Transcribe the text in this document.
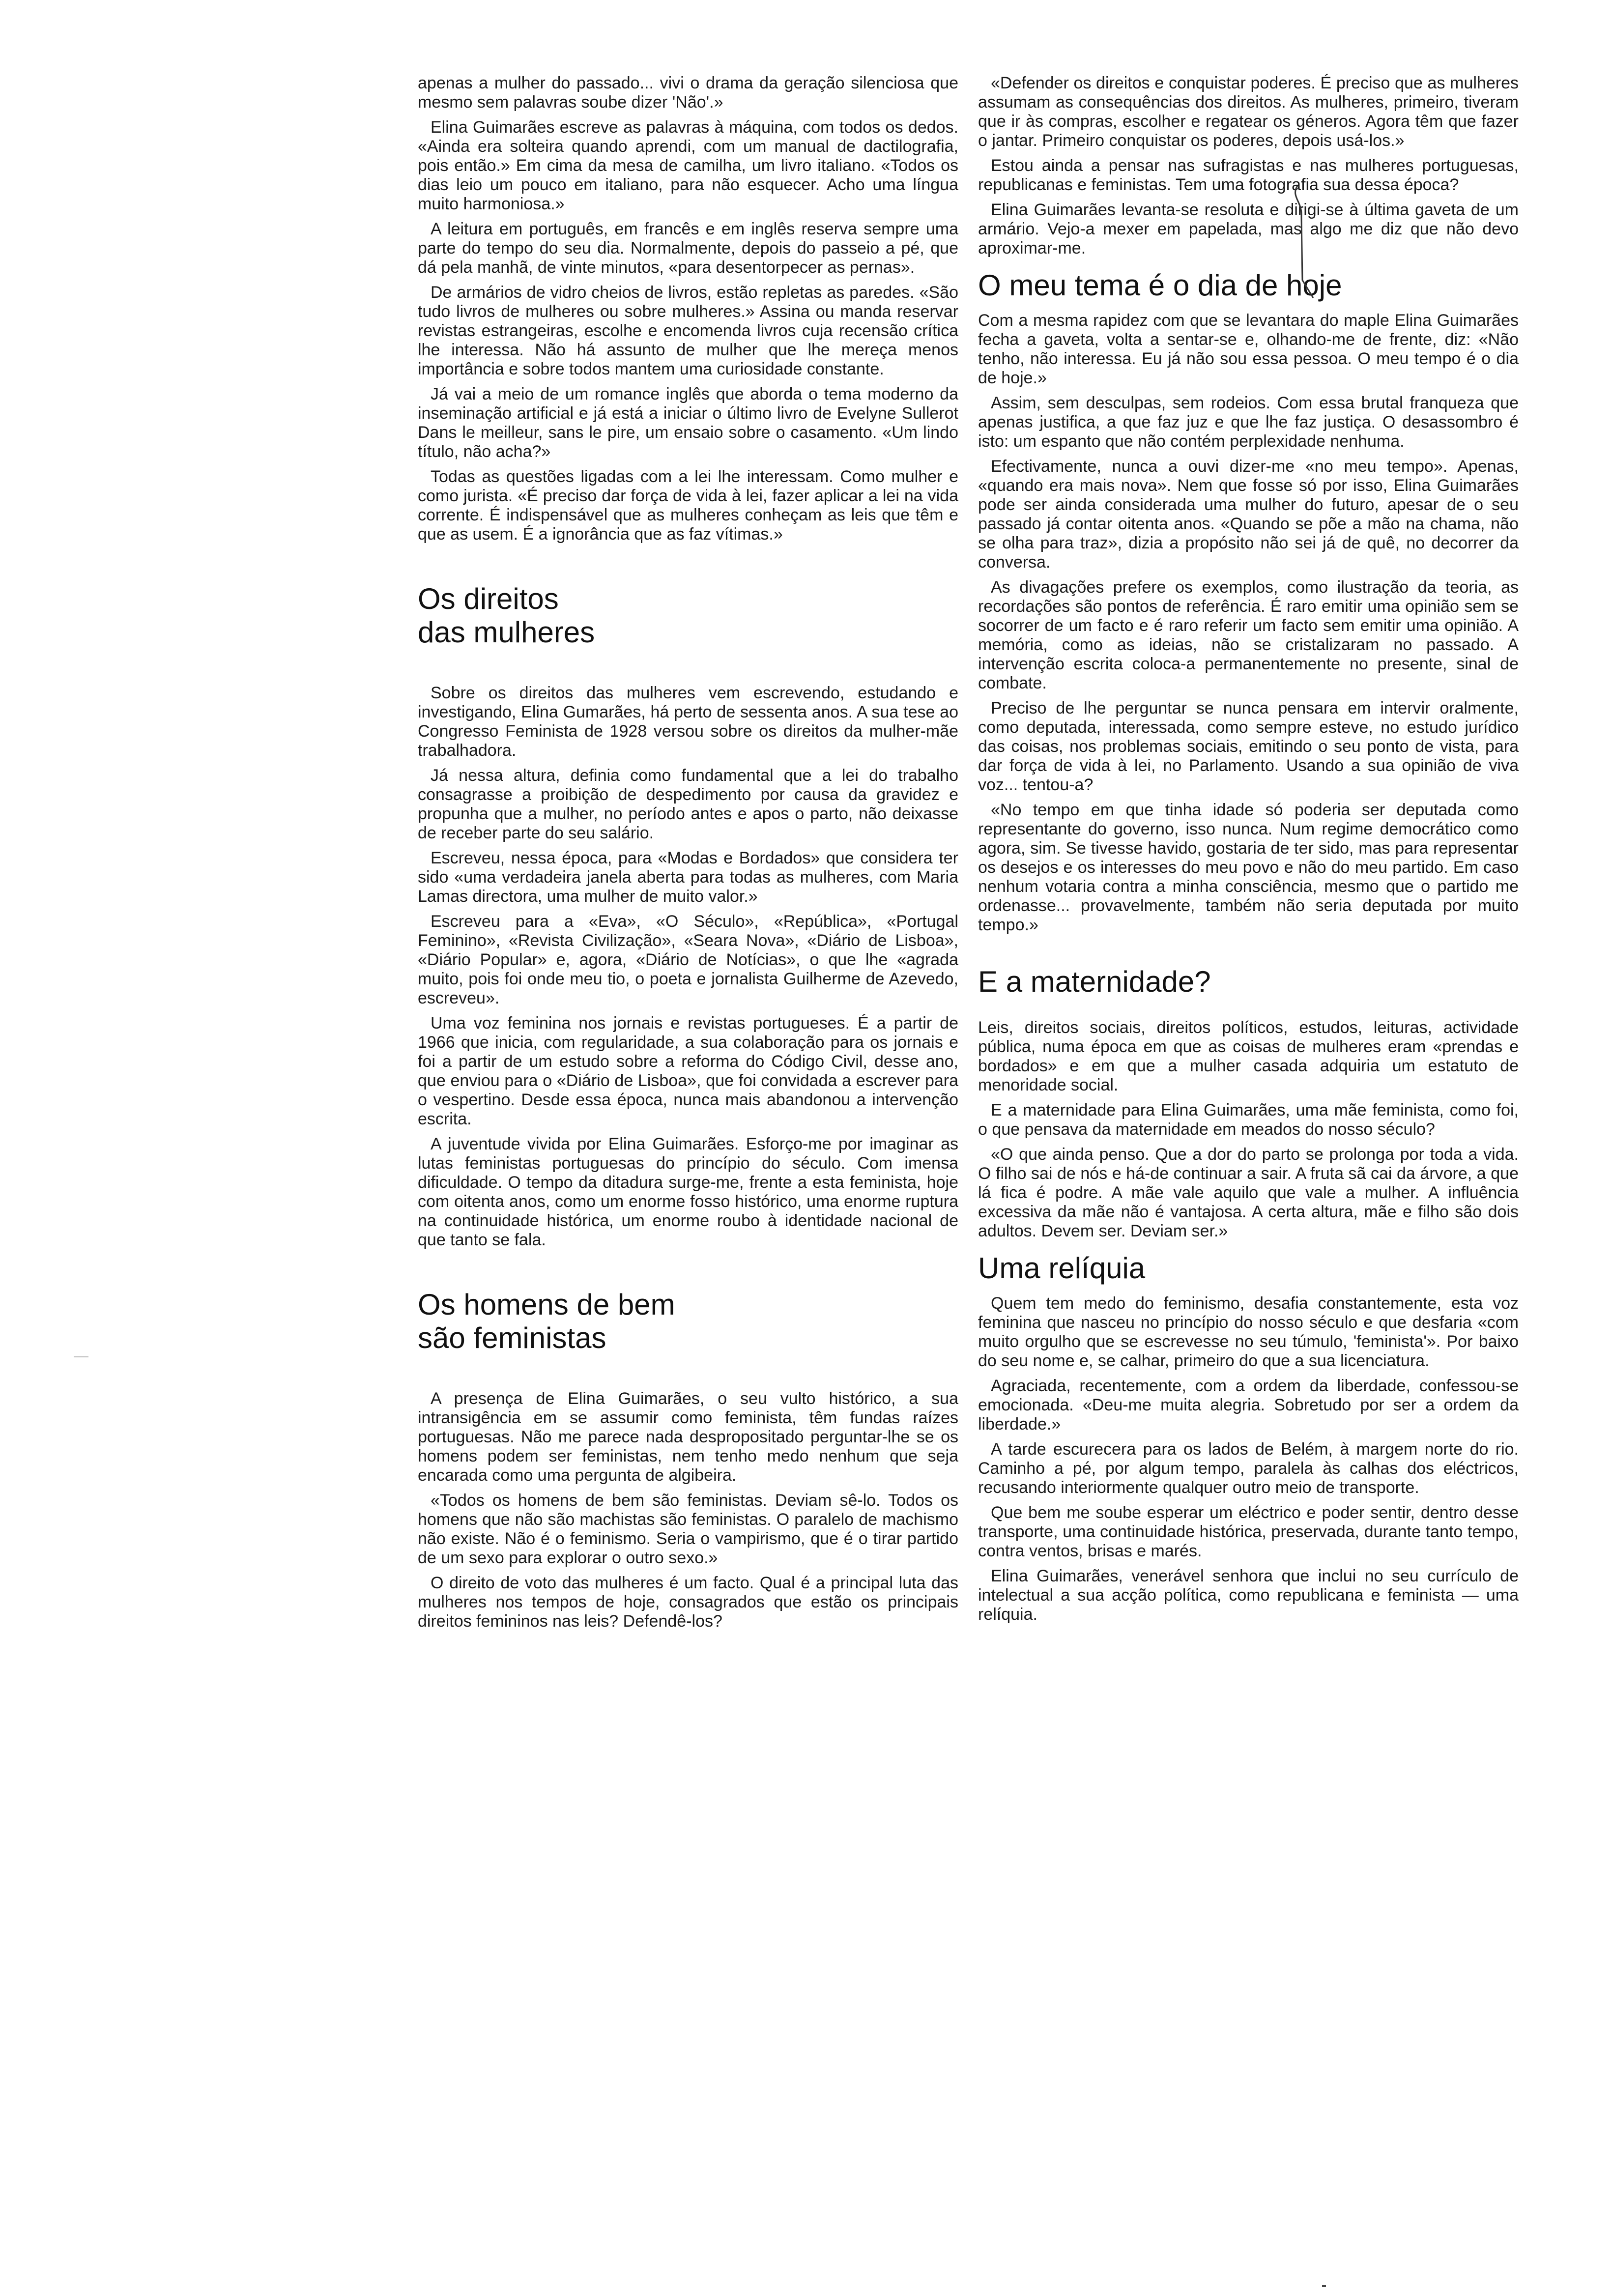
apenas a mulher do passado... vivi o drama da geração silenciosa que mesmo sem palavras soube dizer 'Não'.»

Elina Guimarães escreve as palavras à máquina, com todos os dedos. «Ainda era solteira quando aprendi, com um manual de dactilografia, pois então.» Em cima da mesa de camilha, um livro italiano. «Todos os dias leio um pouco em italiano, para não esquecer. Acho uma língua muito harmoniosa.»

A leitura em português, em francês e em inglês reserva sempre uma parte do tempo do seu dia. Normalmente, depois do passeio a pé, que dá pela manhã, de vinte minutos, «para desentorpecer as pernas».

De armários de vidro cheios de livros, estão repletas as paredes. «São tudo livros de mulheres ou sobre mulheres.» Assina ou manda reservar revistas estrangeiras, escolhe e encomenda livros cuja recensão crítica lhe interessa. Não há assunto de mulher que lhe mereça menos importância e sobre todos mantem uma curiosidade constante.

Já vai a meio de um romance inglês que aborda o tema moderno da inseminação artificial e já está a iniciar o último livro de Evelyne Sullerot Dans le meilleur, sans le pire, um ensaio sobre o casamento. «Um lindo título, não acha?»

Todas as questões ligadas com a lei lhe interessam. Como mulher e como jurista. «É preciso dar força de vida à lei, fazer aplicar a lei na vida corrente. É indispensável que as mulheres conheçam as leis que têm e que as usem. É a ignorância que as faz vítimas.»

Os direitos
das mulheres

Sobre os direitos das mulheres vem escrevendo, estudando e investigando, Elina Gumarães, há perto de sessenta anos. A sua tese ao Congresso Feminista de 1928 versou sobre os direitos da mulher-mãe trabalhadora.

Já nessa altura, definia como fundamental que a lei do trabalho consagrasse a proibição de despedimento por causa da gravidez e propunha que a mulher, no período antes e apos o parto, não deixasse de receber parte do seu salário.

Escreveu, nessa época, para «Modas e Bordados» que considera ter sido «uma verdadeira janela aberta para todas as mulheres, com Maria Lamas directora, uma mulher de muito valor.»

Escreveu para a «Eva», «O Século», «República», «Portugal Feminino», «Revista Civilização», «Seara Nova», «Diário de Lisboa», «Diário Popular» e, agora, «Diário de Notícias», o que lhe «agrada muito, pois foi onde meu tio, o poeta e jornalista Guilherme de Azevedo, escreveu».

Uma voz feminina nos jornais e revistas portugueses. É a partir de 1966 que inicia, com regularidade, a sua colaboração para os jornais e foi a partir de um estudo sobre a reforma do Código Civil, desse ano, que enviou para o «Diário de Lisboa», que foi convidada a escrever para o vespertino. Desde essa época, nunca mais abandonou a intervenção escrita.

A juventude vivida por Elina Guimarães. Esforço-me por imaginar as lutas feministas portuguesas do princípio do século. Com imensa dificuldade. O tempo da ditadura surge-me, frente a esta feminista, hoje com oitenta anos, como um enorme fosso histórico, uma enorme ruptura na continuidade histórica, um enorme roubo à identidade nacional de que tanto se fala.

Os homens de bem
são feministas

A presença de Elina Guimarães, o seu vulto histórico, a sua intransigência em se assumir como feminista, têm fundas raízes portuguesas. Não me parece nada despropositado perguntar-lhe se os homens podem ser feministas, nem tenho medo nenhum que seja encarada como uma pergunta de algibeira.

«Todos os homens de bem são feministas. Deviam sê-lo. Todos os homens que não são machistas são feministas. O paralelo de machismo não existe. Não é o feminismo. Seria o vampirismo, que é o tirar partido de um sexo para explorar o outro sexo.»

O direito de voto das mulheres é um facto. Qual é a principal luta das mulheres nos tempos de hoje, consagrados que estão os principais direitos femininos nas leis? Defendê-los?

«Defender os direitos e conquistar poderes. É preciso que as mulheres assumam as consequências dos direitos. As mulheres, primeiro, tiveram que ir às compras, escolher e regatear os géneros. Agora têm que fazer o jantar. Primeiro conquistar os poderes, depois usá-los.»

Estou ainda a pensar nas sufragistas e nas mulheres portuguesas, republicanas e feministas. Tem uma fotografia sua dessa época?

Elina Guimarães levanta-se resoluta e dirigi-se à última gaveta de um armário. Vejo-a mexer em papelada, mas algo me diz que não devo aproximar-me.

O meu tema é o dia de hoje

Com a mesma rapidez com que se levantara do maple Elina Guimarães fecha a gaveta, volta a sentar-se e, olhando-me de frente, diz: «Não tenho, não interessa. Eu já não sou essa pessoa. O meu tempo é o dia de hoje.»

Assim, sem desculpas, sem rodeios. Com essa brutal franqueza que apenas justifica, a que faz juz e que lhe faz justiça. O desassombro é isto: um espanto que não contém perplexidade nenhuma.

Efectivamente, nunca a ouvi dizer-me «no meu tempo». Apenas, «quando era mais nova». Nem que fosse só por isso, Elina Guimarães pode ser ainda considerada uma mulher do futuro, apesar de o seu passado já contar oitenta anos. «Quando se põe a mão na chama, não se olha para traz», dizia a propósito não sei já de quê, no decorrer da conversa.

As divagações prefere os exemplos, como ilustração da teoria, as recordações são pontos de referência. É raro emitir uma opinião sem se socorrer de um facto e é raro referir um facto sem emitir uma opinião. A memória, como as ideias, não se cristalizaram no passado. A intervenção escrita coloca-a permanentemente no presente, sinal de combate.

Preciso de lhe perguntar se nunca pensara em intervir oralmente, como deputada, interessada, como sempre esteve, no estudo jurídico das coisas, nos problemas sociais, emitindo o seu ponto de vista, para dar força de vida à lei, no Parlamento. Usando a sua opinião de viva voz... tentou-a?

«No tempo em que tinha idade só poderia ser deputada como representante do governo, isso nunca. Num regime democrático como agora, sim. Se tivesse havido, gostaria de ter sido, mas para representar os desejos e os interesses do meu povo e não do meu partido. Em caso nenhum votaria contra a minha consciência, mesmo que o partido me ordenasse... provavelmente, também não seria deputada por muito tempo.»

E a maternidade?

Leis, direitos sociais, direitos políticos, estudos, leituras, actividade pública, numa época em que as coisas de mulheres eram «prendas e bordados» e em que a mulher casada adquiria um estatuto de menoridade social.

E a maternidade para Elina Guimarães, uma mãe feminista, como foi, o que pensava da maternidade em meados do nosso século?

«O que ainda penso. Que a dor do parto se prolonga por toda a vida. O filho sai de nós e há-de continuar a sair. A fruta sã cai da árvore, a que lá fica é podre. A mãe vale aquilo que vale a mulher. A influência excessiva da mãe não é vantajosa. A certa altura, mãe e filho são dois adultos. Devem ser. Deviam ser.»

Uma relíquia

Quem tem medo do feminismo, desafia constantemente, esta voz feminina que nasceu no princípio do nosso século e que desfaria «com muito orgulho que se escrevesse no seu túmulo, 'feminista'». Por baixo do seu nome e, se calhar, primeiro do que a sua licenciatura.

Agraciada, recentemente, com a ordem da liberdade, confessou-se emocionada. «Deu-me muita alegria. Sobretudo por ser a ordem da liberdade.»

A tarde escurecera para os lados de Belém, à margem norte do rio. Caminho a pé, por algum tempo, paralela às calhas dos eléctricos, recusando interiormente qualquer outro meio de transporte.

Que bem me soube esperar um eléctrico e poder sentir, dentro desse transporte, uma continuidade histórica, preservada, durante tanto tempo, contra ventos, brisas e marés.

Elina Guimarães, venerável senhora que inclui no seu currículo de intelectual a sua acção política, como republicana e feminista — uma relíquia.
